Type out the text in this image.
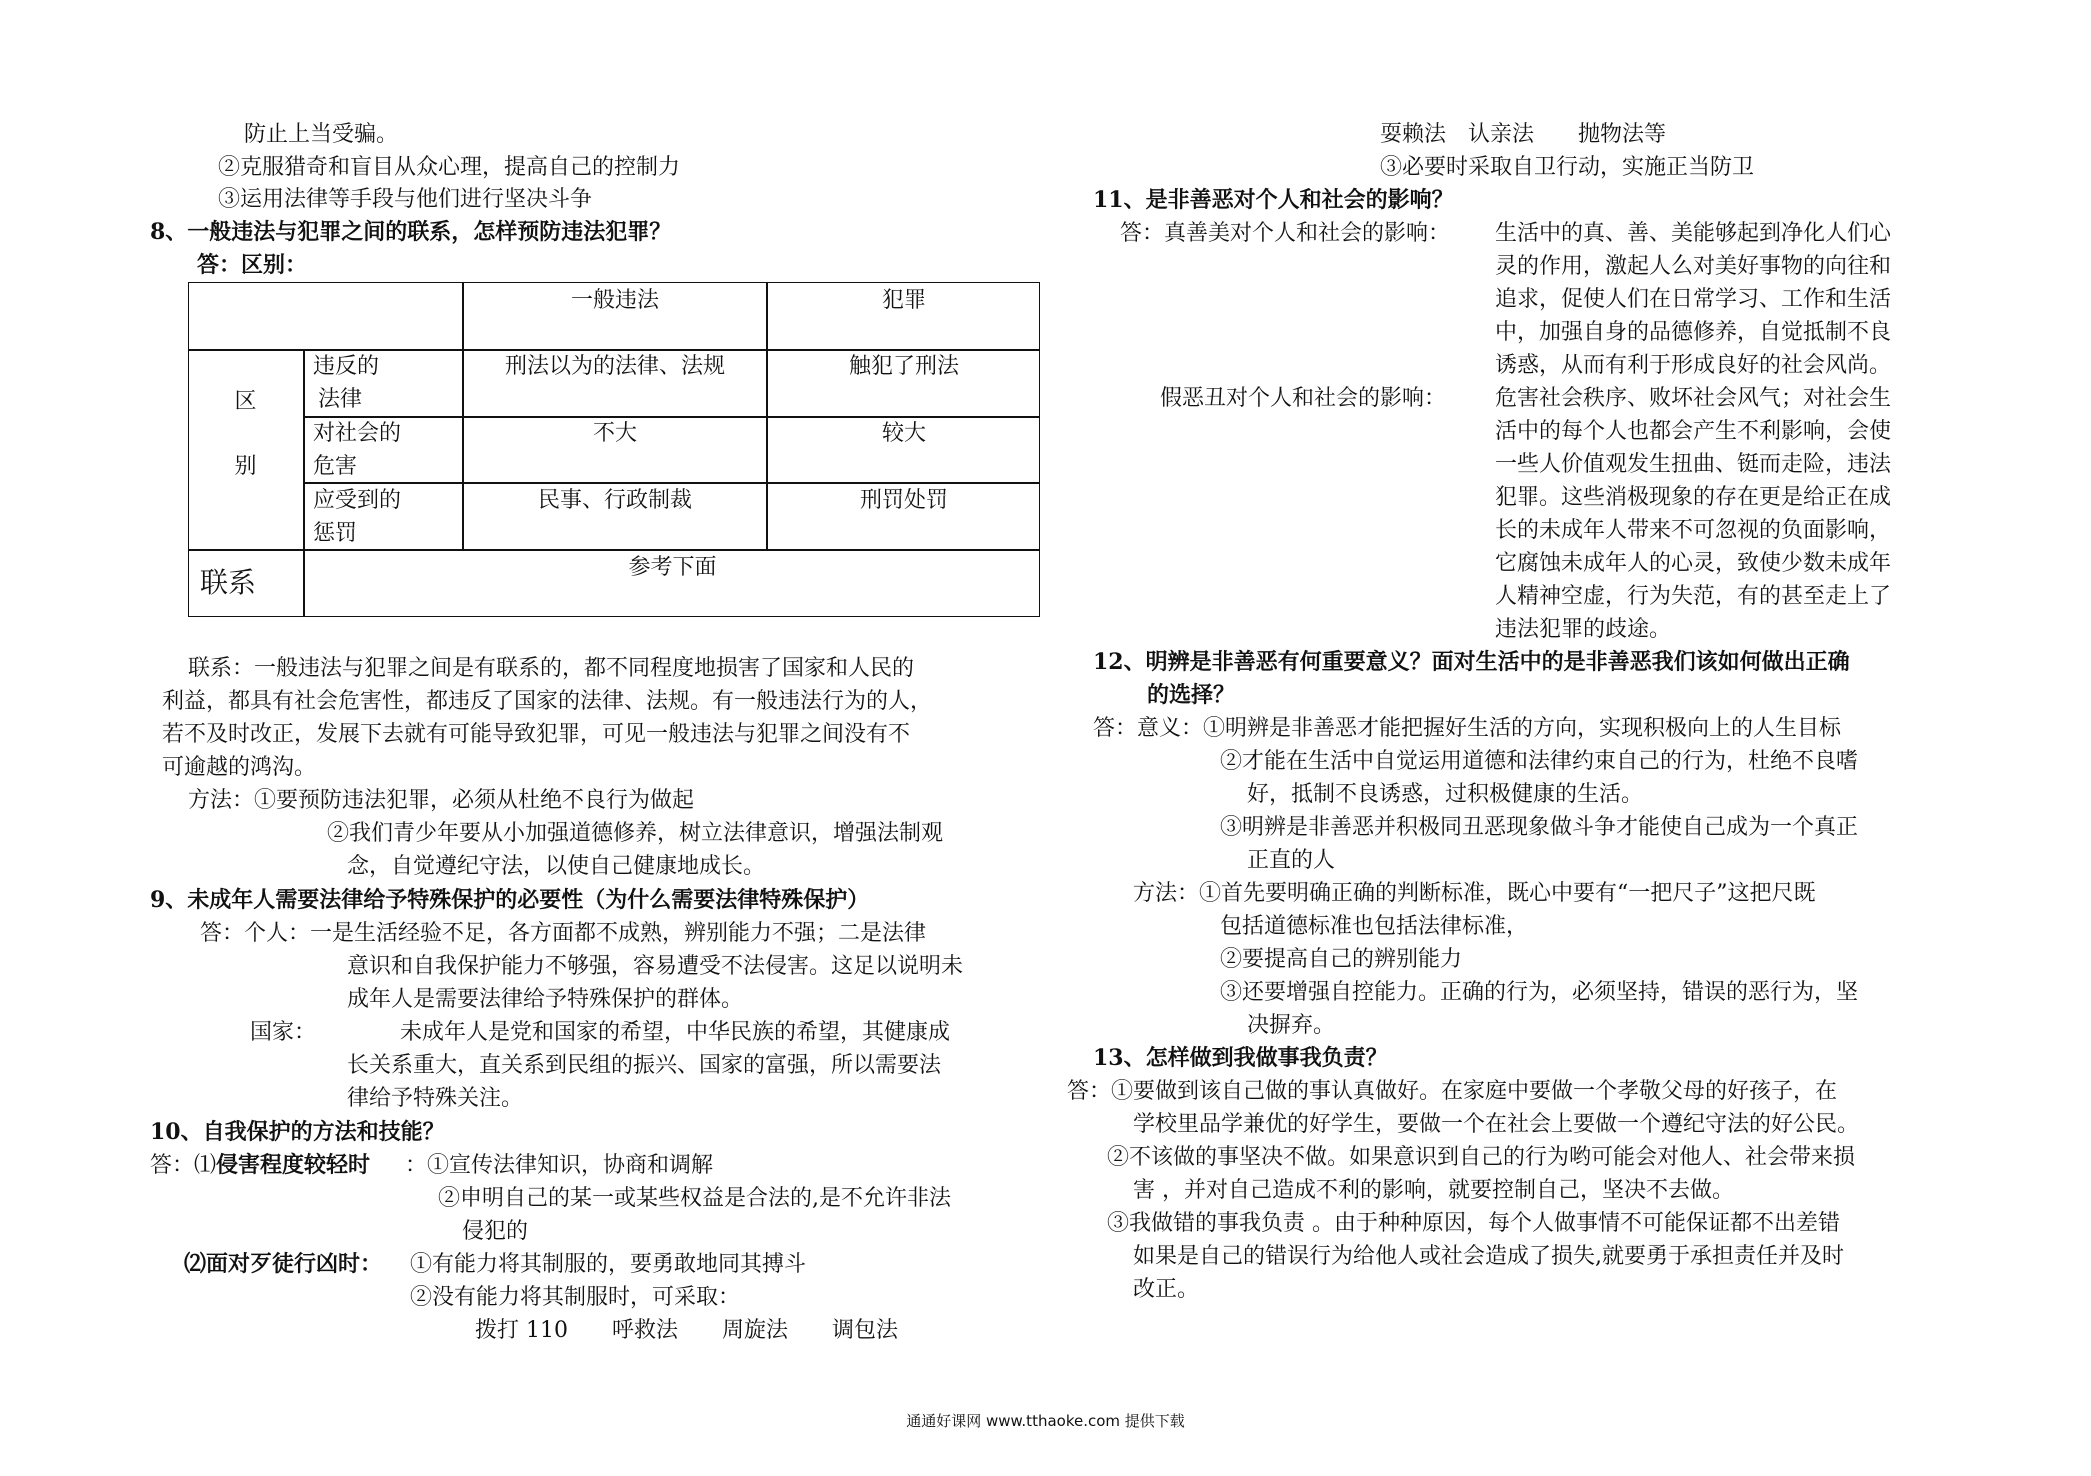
防止上当受骗。
②克服猎奇和盲目从众心理，提高自己的控制力
③运用法律等手段与他们进行坚决斗争
8、一般违法与犯罪之间的联系，怎样预防违法犯罪？
答：区别：
一般违法	犯罪
区
别
违反的
法律
刑法以为的法律、法规	触犯了刑法
对社会的
危害
不大	较大
应受到的
惩罚
民事、行政制裁	刑罚处罚
联系	参考下面
联系：一般违法与犯罪之间是有联系的，都不同程度地损害了国家和人民的
利益，都具有社会危害性，都违反了国家的法律、法规。有一般违法行为的人，
若不及时改正，发展下去就有可能导致犯罪，可见一般违法与犯罪之间没有不
可逾越的鸿沟。
方法：①要预防违法犯罪，必须从杜绝不良行为做起
②我们青少年要从小加强道德修养，树立法律意识，增强法制观
念，自觉遵纪守法，以使自己健康地成长。
9、未成年人需要法律给予特殊保护的必要性（为什么需要法律特殊保护）
答：个人：一是生活经验不足，各方面都不成熟，辨别能力不强；二是法律
意识和自我保护能力不够强，容易遭受不法侵害。这足以说明未
成年人是需要法律给予特殊保护的群体。
国家：	未成年人是党和国家的希望，中华民族的希望，其健康成
长关系重大，直关系到民组的振兴、国家的富强，所以需要法
律给予特殊关注。
10、自我保护的方法和技能？
答：⑴侵害程度较轻时 ：①宣传法律知识，协商和调解
②申明自己的某一或某些权益是合法的,是不允许非法
侵犯的
⑵面对歹徒行凶时： ①有能力将其制服的，要勇敢地同其搏斗
②没有能力将其制服时，可采取：
拨打 110　　呼救法　　周旋法　　调包法
耍赖法　认亲法　　抛物法等
③必要时采取自卫行动，实施正当防卫
11、是非善恶对个人和社会的影响？
答：真善美对个人和社会的影响： 生活中的真、善、美能够起到净化人们心
灵的作用，激起人么对美好事物的向往和
追求，促使人们在日常学习、工作和生活
中，加强自身的品德修养，自觉抵制不良
诱惑，从而有利于形成良好的社会风尚。
假恶丑对个人和社会的影响： 危害社会秩序、败坏社会风气；对社会生
活中的每个人也都会产生不利影响，会使
一些人价值观发生扭曲、铤而走险，违法
犯罪。这些消极现象的存在更是给正在成
长的未成年人带来不可忽视的负面影响，
它腐蚀未成年人的心灵，致使少数未成年
人精神空虚，行为失范，有的甚至走上了
违法犯罪的歧途。
12、明辨是非善恶有何重要意义？面对生活中的是非善恶我们该如何做出正确
的选择？
答：意义：①明辨是非善恶才能把握好生活的方向，实现积极向上的人生目标
②才能在生活中自觉运用道德和法律约束自己的行为，杜绝不良嗜
好，抵制不良诱惑，过积极健康的生活。
③明辨是非善恶并积极同丑恶现象做斗争才能使自己成为一个真正
正直的人
方法：①首先要明确正确的判断标准，既心中要有“一把尺子”这把尺既
包括道德标准也包括法律标准，
②要提高自己的辨别能力
③还要增强自控能力。正确的行为，必须坚持，错误的恶行为，坚
决摒弃。
13、怎样做到我做事我负责？
答：①要做到该自己做的事认真做好。在家庭中要做一个孝敬父母的好孩子，在
学校里品学兼优的好学生，要做一个在社会上要做一个遵纪守法的好公民。
②不该做的事坚决不做。如果意识到自己的行为哟可能会对他人、社会带来损
害 ，并对自己造成不利的影响，就要控制自己，坚决不去做。
③我做错的事我负责 。由于种种原因，每个人做事情不可能保证都不出差错
如果是自己的错误行为给他人或社会造成了损失,就要勇于承担责任并及时
改正。
通通好课网 www.tthaoke.com 提供下载
